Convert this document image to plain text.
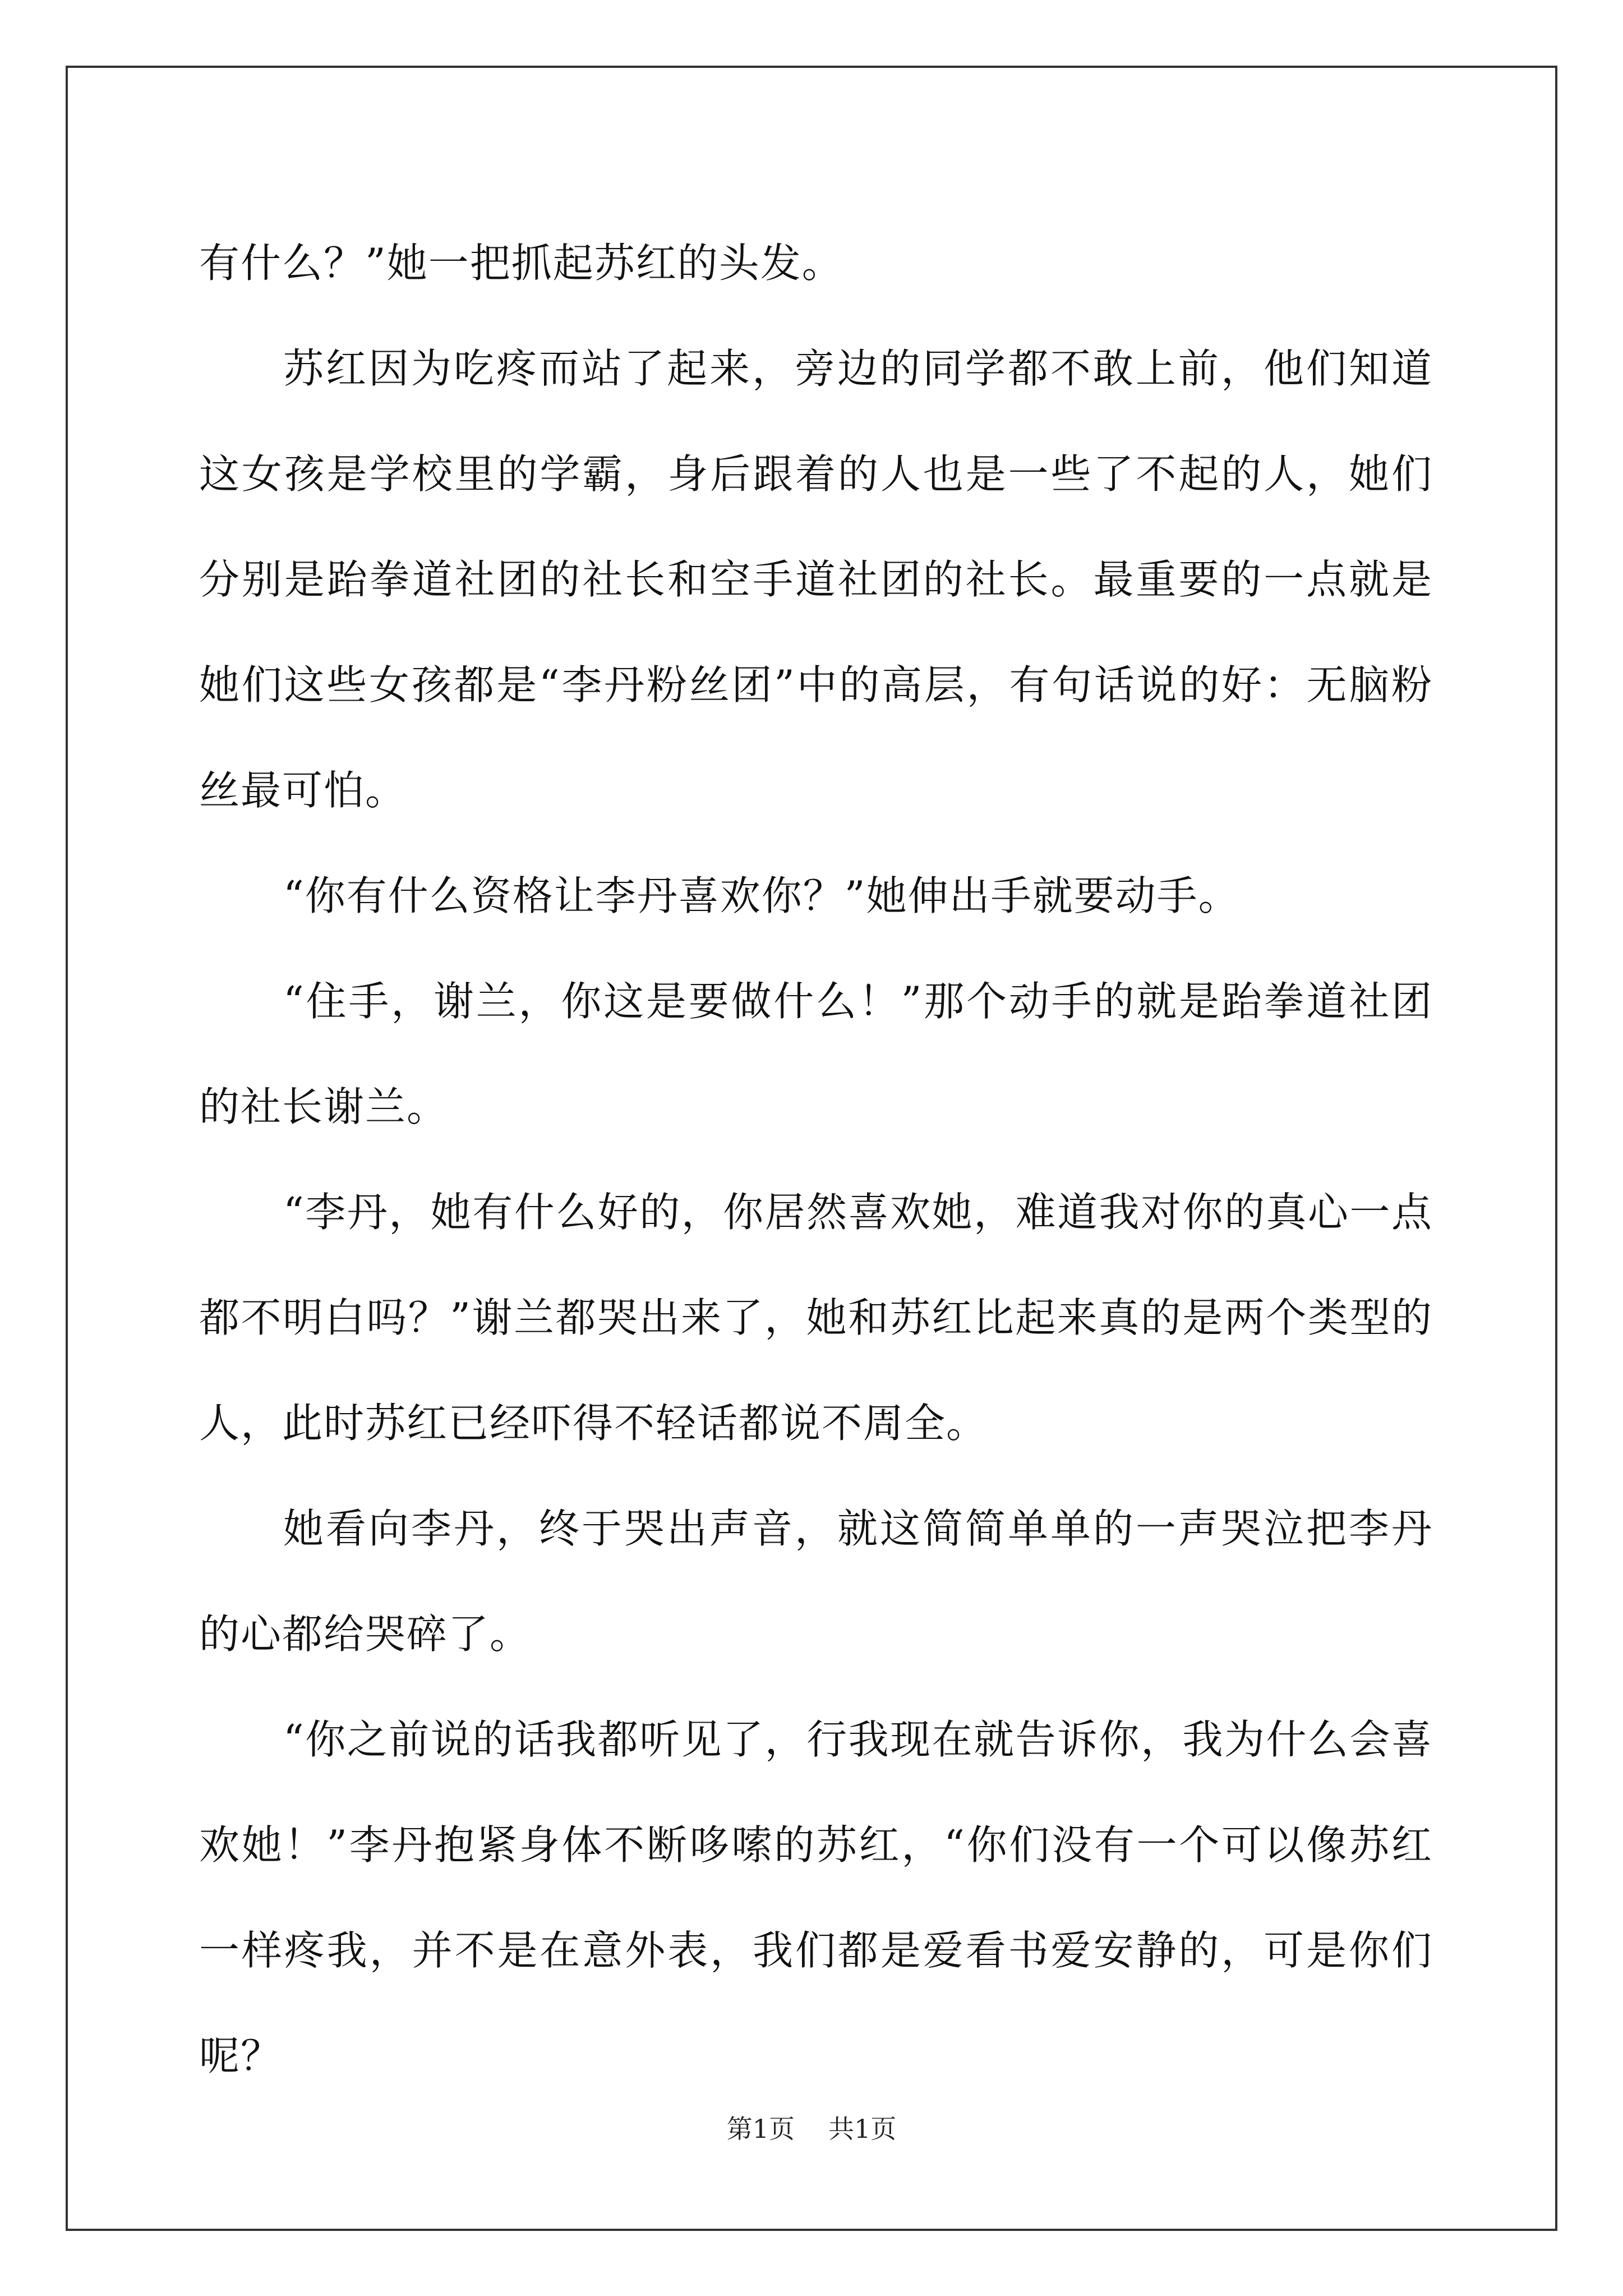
有什么？”她一把抓起苏红的头发。

苏红因为吃疼而站了起来，旁边的同学都不敢上前，他们知道这女孩是学校里的学霸，身后跟着的人也是一些了不起的人，她们分别是跆拳道社团的社长和空手道社团的社长。最重要的一点就是她们这些女孩都是“李丹粉丝团”中的高层，有句话说的好：无脑粉丝最可怕。

“你有什么资格让李丹喜欢你？”她伸出手就要动手。

“住手，谢兰，你这是要做什么！”那个动手的就是跆拳道社团的社长谢兰。

“李丹，她有什么好的，你居然喜欢她，难道我对你的真心一点都不明白吗？”谢兰都哭出来了，她和苏红比起来真的是两个类型的人，此时苏红已经吓得不轻话都说不周全。

她看向李丹，终于哭出声音，就这简简单单的一声哭泣把李丹的心都给哭碎了。

“你之前说的话我都听见了，行我现在就告诉你，我为什么会喜欢她！”李丹抱紧身体不断哆嗦的苏红，“你们没有一个可以像苏红一样疼我，并不是在意外表，我们都是爱看书爱安静的，可是你们呢？

第1页 共1页
